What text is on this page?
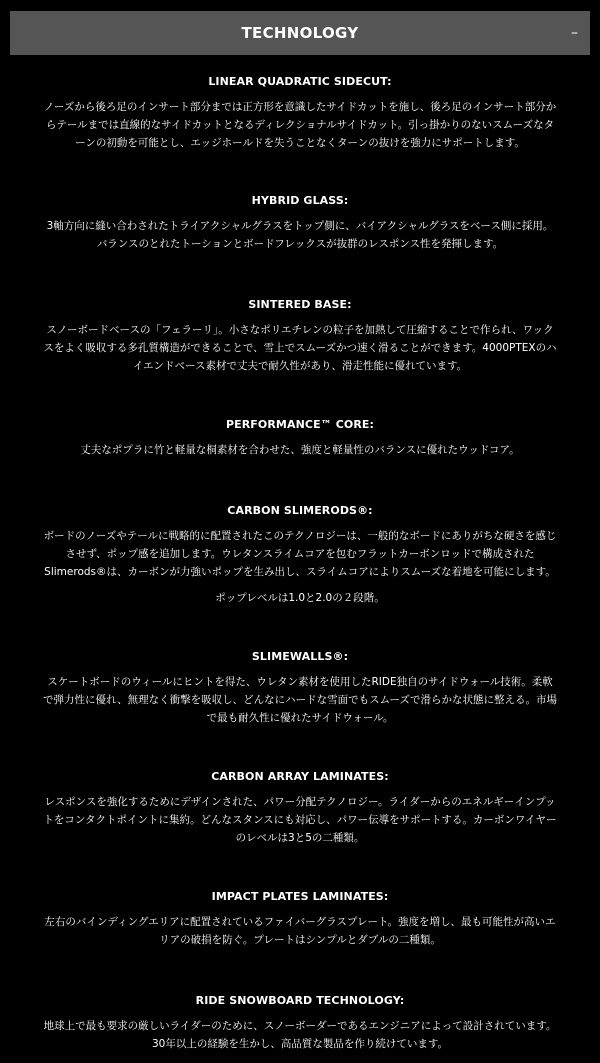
TECHNOLOGY	–
LINEAR QUADRATIC SIDECUT:
ノーズから後ろ足のインサート部分までは正方形を意識したサイドカットを施し、後ろ足のインサート部分か
らテールまでは直線的なサイドカットとなるディレクショナルサイドカット。引っ掛かりのないスムーズなタ
ーンの初動を可能とし、エッジホールドを失うことなくターンの抜けを強力にサポートします。
HYBRID GLASS:
3軸方向に縫い合わされたトライアクシャルグラスをトップ側に、バイアクシャルグラスをベース側に採用。
バランスのとれたトーションとボードフレックスが抜群のレスポンス性を発揮します。
SINTERED BASE:
スノーボードベースの「フェラーリ」。小さなポリエチレンの粒子を加熱して圧縮することで作られ、ワック
スをよく吸収する多孔質構造ができることで、雪上でスムーズかつ速く滑ることができます。4000PTEXのハ
イエンドベース素材で丈夫で耐久性があり、滑走性能に優れています。
PERFORMANCE™ CORE:
丈夫なポプラに竹と軽量な桐素材を合わせた、強度と軽量性のバランスに優れたウッドコア。
CARBON SLIMERODS®:
ボードのノーズやテールに戦略的に配置されたこのテクノロジーは、一般的なボードにありがちな硬さを感じ
させず、ポップ感を追加します。ウレタンスライムコアを包むフラットカーボンロッドで構成された
Slimerods®は、カーボンが力強いポップを生み出し、スライムコアによりスムーズな着地を可能にします。
ポップレベルは1.0と2.0の２段階。
SLIMEWALLS®:
スケートボードのウィールにヒントを得た、ウレタン素材を使用したRIDE独自のサイドウォール技術。柔軟
で弾力性に優れ、無理なく衝撃を吸収し、どんなにハードな雪面でもスムーズで滑らかな状態に整える。市場
で最も耐久性に優れたサイドウォール。
CARBON ARRAY LAMINATES:
レスポンスを強化するためにデザインされた、パワー分配テクノロジー。ライダーからのエネルギーインプッ
トをコンタクトポイントに集約。どんなスタンスにも対応し、パワー伝導をサポートする。カーボンワイヤー
のレベルは3と5の二種類。
IMPACT PLATES LAMINATES:
左右のバインディングエリアに配置されているファイバーグラスプレート。強度を増し、最も可能性が高いエ
リアの破損を防ぐ。プレートはシンプルとダブルの二種類。
RIDE SNOWBOARD TECHNOLOGY:
地球上で最も要求の厳しいライダーのために、スノーボーダーであるエンジニアによって設計されています。
30年以上の経験を生かし、高品質な製品を作り続けています。
